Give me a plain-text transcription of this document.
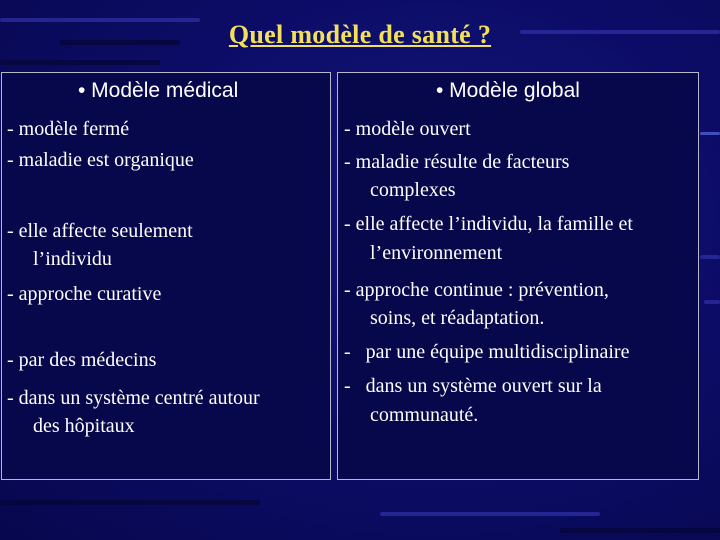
Quel modèle de santé ?
• Modèle médical
- modèle fermé
- maladie est organique
- elle affecte seulement
l’individu
- approche curative
- par des médecins
- dans un système centré autour
des hôpitaux
• Modèle global
- modèle ouvert
- maladie résulte de facteurs
complexes
- elle affecte l’individu, la famille et
l’environnement
- approche continue : prévention,
soins, et réadaptation.
-   par une équipe multidisciplinaire
-   dans un système ouvert sur la
communauté.
